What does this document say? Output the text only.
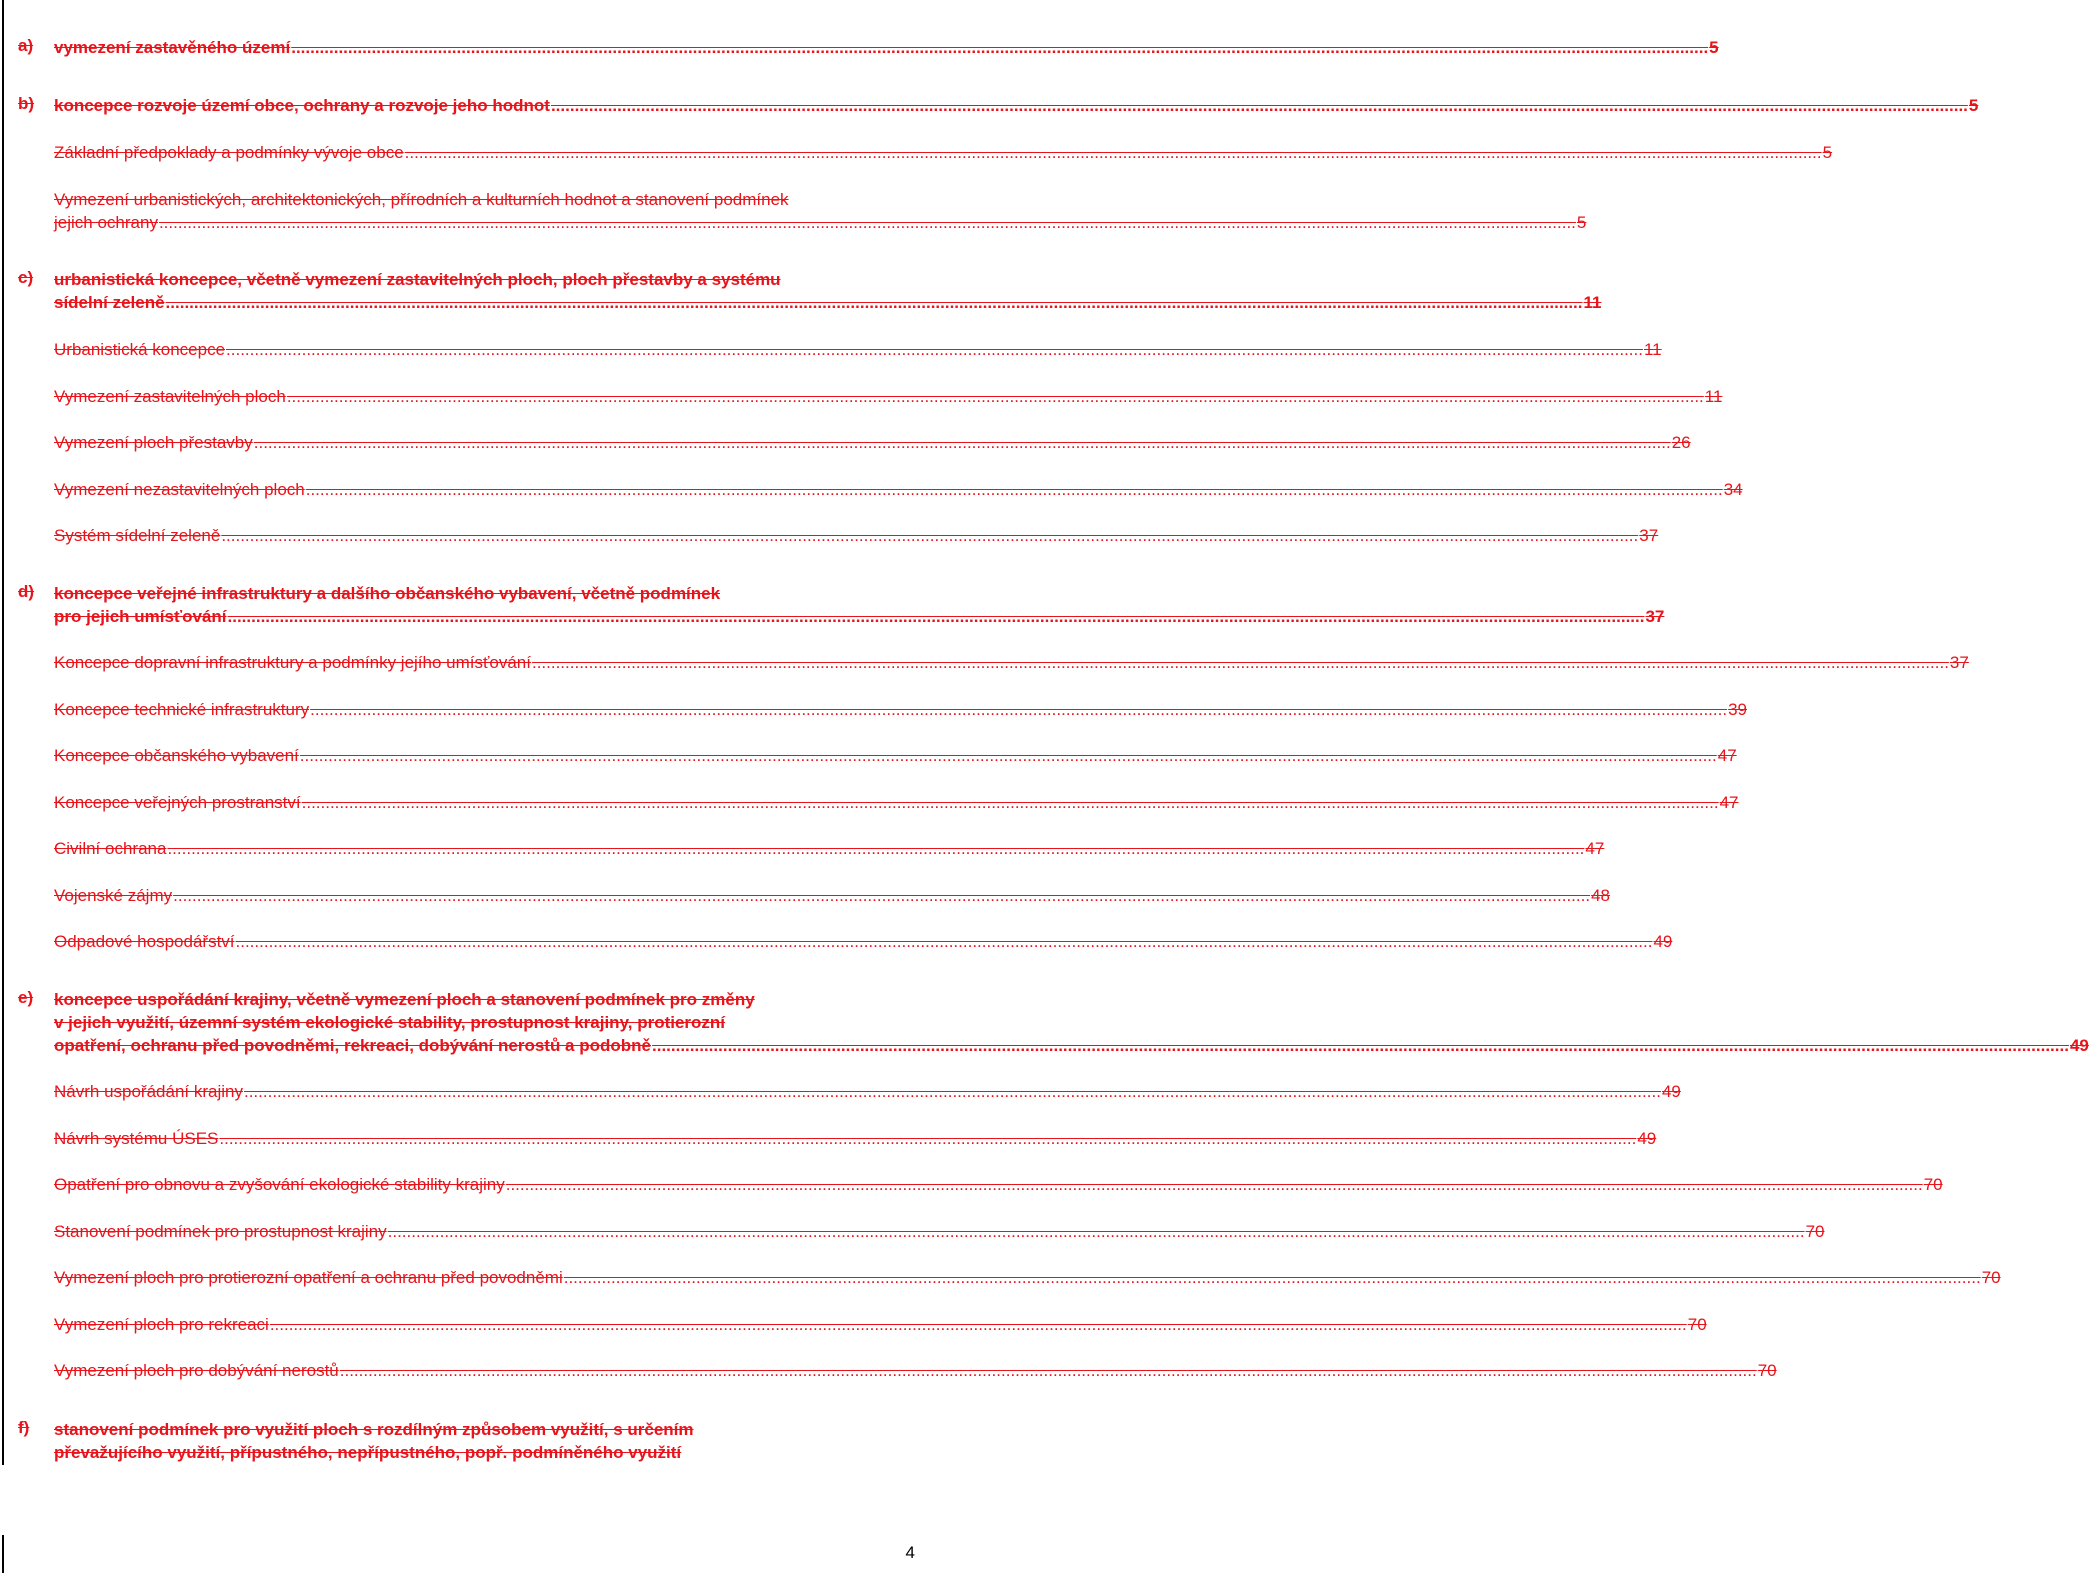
a) vymezení zastavěného území ............................................................................................................................................................................................................................................................................................................ 5
b) koncepce rozvoje území obce, ochrany a rozvoje jeho hodnot ............................................................................................................................................................................................................................................................................................................ 5
Základní předpoklady a podmínky vývoje obce ............................................................................................................................................................................................................................................................................................................ 5
Vymezení urbanistických, architektonických, přírodních a kulturních hodnot a stanovení podmínek
jejich ochrany ............................................................................................................................................................................................................................................................................................................ 5
c) urbanistická koncepce, včetně vymezení zastavitelných ploch, ploch přestavby a systému
sídelní zeleně ............................................................................................................................................................................................................................................................................................................ 11
Urbanistická koncepce ............................................................................................................................................................................................................................................................................................................ 11
Vymezení zastavitelných ploch ............................................................................................................................................................................................................................................................................................................ 11
Vymezení ploch přestavby ............................................................................................................................................................................................................................................................................................................ 26
Vymezení nezastavitelných ploch ............................................................................................................................................................................................................................................................................................................ 34
Systém sídelní zeleně ............................................................................................................................................................................................................................................................................................................ 37
d) koncepce veřejné infrastruktury a dalšího občanského vybavení, včetně podmínek
pro jejich umísťování ............................................................................................................................................................................................................................................................................................................ 37
Koncepce dopravní infrastruktury a podmínky jejího umísťování ............................................................................................................................................................................................................................................................................................................ 37
Koncepce technické infrastruktury ............................................................................................................................................................................................................................................................................................................ 39
Koncepce občanského vybavení ............................................................................................................................................................................................................................................................................................................ 47
Koncepce veřejných prostranství ............................................................................................................................................................................................................................................................................................................ 47
Civilní ochrana ............................................................................................................................................................................................................................................................................................................ 47
Vojenské zájmy ............................................................................................................................................................................................................................................................................................................ 48
Odpadové hospodářství ............................................................................................................................................................................................................................................................................................................ 49
e) koncepce uspořádání krajiny, včetně vymezení ploch a stanovení podmínek pro změny
v jejich využití, územní systém ekologické stability, prostupnost krajiny, protierozní
opatření, ochranu před povodněmi, rekreaci, dobývání nerostů a podobně ............................................................................................................................................................................................................................................................................................................ 49
Návrh uspořádání krajiny ............................................................................................................................................................................................................................................................................................................ 49
Návrh systému ÚSES ............................................................................................................................................................................................................................................................................................................ 49
Opatření pro obnovu a zvyšování ekologické stability krajiny ............................................................................................................................................................................................................................................................................................................ 70
Stanovení podmínek pro prostupnost krajiny ............................................................................................................................................................................................................................................................................................................ 70
Vymezení ploch pro protierozní opatření a ochranu před povodněmi ............................................................................................................................................................................................................................................................................................................ 70
Vymezení ploch pro rekreaci ............................................................................................................................................................................................................................................................................................................ 70
Vymezení ploch pro dobývání nerostů ............................................................................................................................................................................................................................................................................................................ 70
f) stanovení podmínek pro využití ploch s rozdílným způsobem využití, s určením
převažujícího využití, přípustného, nepřípustného, popř. podmíněného využití
4
